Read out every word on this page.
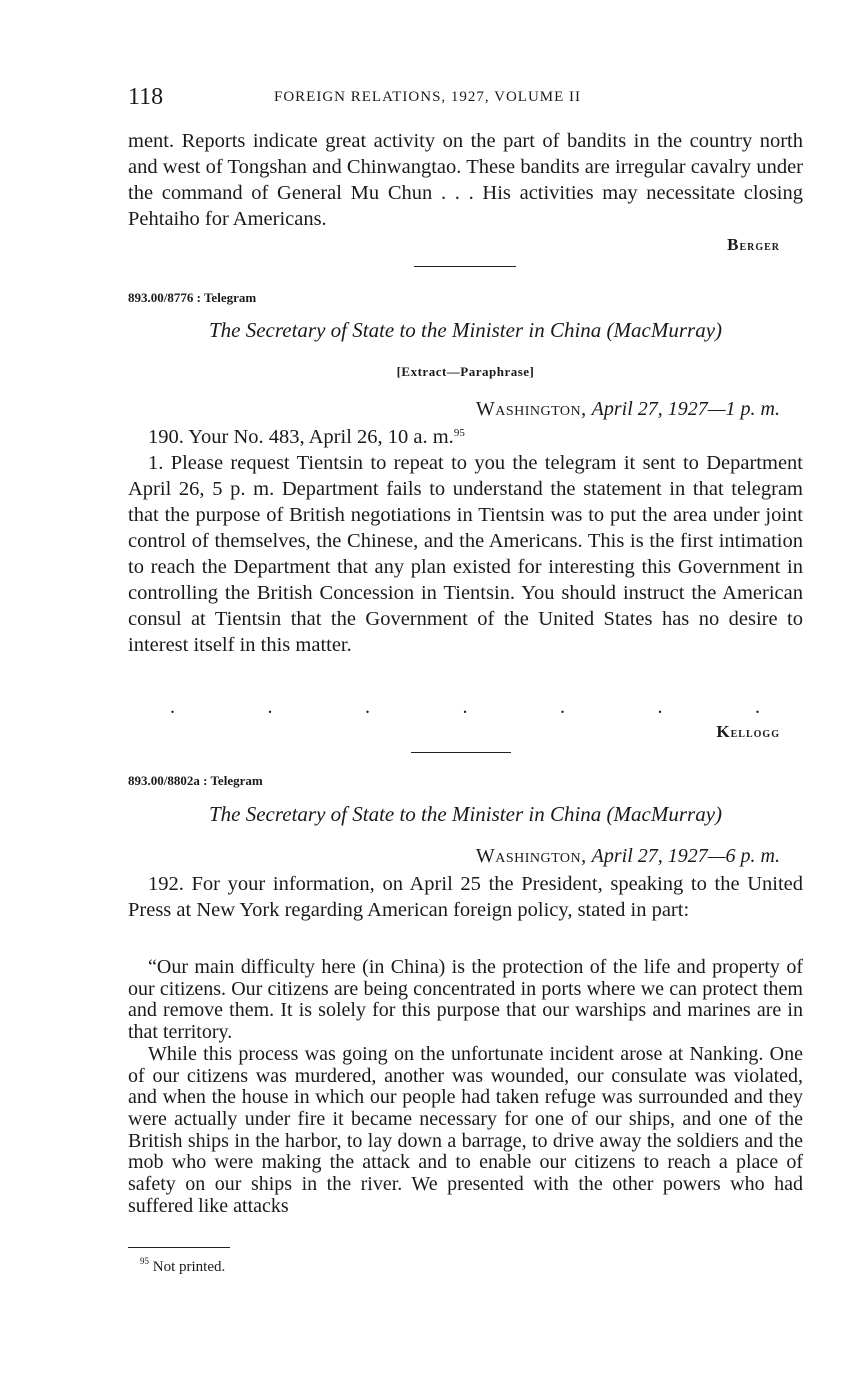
118	FOREIGN RELATIONS, 1927, VOLUME II
ment. Reports indicate great activity on the part of bandits in the country north and west of Tongshan and Chinwangtao. These bandits are irregular cavalry under the command of General Mu Chun . . . His activities may necessitate closing Pehtaiho for Americans.
Berger
893.00/8776 : Telegram
The Secretary of State to the Minister in China (MacMurray)
[Extract—Paraphrase]
Washington, April 27, 1927—1 p. m.
190. Your No. 483, April 26, 10 a. m.$^{95}$
1. Please request Tientsin to repeat to you the telegram it sent to Department April 26, 5 p. m. Department fails to understand the statement in that telegram that the purpose of British negotiations in Tientsin was to put the area under joint control of themselves, the Chinese, and the Americans. This is the first intimation to reach the Department that any plan existed for interesting this Government in controlling the British Concession in Tientsin. You should instruct the American consul at Tientsin that the Government of the United States has no desire to interest itself in this matter.
.	.	.	.	.	.	.
Kellogg
893.00/8802a : Telegram
The Secretary of State to the Minister in China (MacMurray)
Washington, April 27, 1927—6 p. m.
192. For your information, on April 25 the President, speaking to the United Press at New York regarding American foreign policy, stated in part:

“Our main difficulty here (in China) is the protection of the life and property of our citizens. Our citizens are being concentrated in ports where we can protect them and remove them. It is solely for this purpose that our warships and marines are in that territory.

While this process was going on the unfortunate incident arose at Nanking. One of our citizens was murdered, another was wounded, our consulate was violated, and when the house in which our people had taken refuge was surrounded and they were actually under fire it became necessary for one of our ships, and one of the British ships in the harbor, to lay down a barrage, to drive away the soldiers and the mob who were making the attack and to enable our citizens to reach a place of safety on our ships in the river. We presented with the other powers who had suffered like attacks

$^{95}$ Not printed.
